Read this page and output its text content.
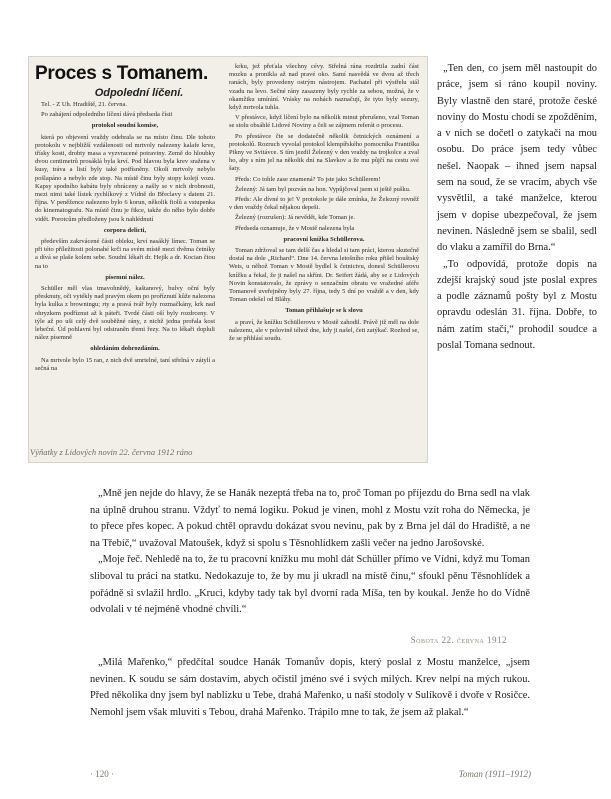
Proces s Tomanem.
Odpolední líčení.

Tel. - Z Uh. Hradiště, 21. června.

Po zahájení odpoledního líčení dává předseda čísti

protokol soudní komise,

která po objevení vraždy odebrala se na místo činu. Dle tohoto protokolu v nejbližší vzdálenosti od mrtvoly nalezeny kalafe krve, třísky kosti, drobty masa a vyzvracené potraviny. Země do hloubky dvou centimetrů prosáklá byla krví. Pod hlavou byla krev sražena v kusy, tráva a listí byly také potřísněny. Okolí mrtvoly nebylo pošlapáno a nebylo zde stop. Na místě činu byly stopy kolejí vozu. Kapsy spodního kabátu byly obráceny a našly se v nich drobnosti, mezi nimi také lístek rychlíkový z Vídně do Břeclavy s datem 21. října. V peněžence nalezeno bylo 6 korun, několik fiolů a vstupenka do kinematografu. Na místě činu je fikce, takže do něho bylo dobře vidět. Porotcům předloženy jsou k nahlédnutí

corpora delicti,

především zakrvácené části obleku, krví nasáklý límec. Toman se při této příležitosti polonahé krči na svém místě mezi dvěma četníky a dívá se plaše kolem sebe. Soudní lékaři dr. Hejík a dr. Kocian čtou na to

písemní nález.

Schüller měl vlas tmavohnědý, kaštanový, bulvy oční byly přesknuty, oči vytékly nad pravým okem po proříznutí kůže nalezena byla kulka z browningu; rty a pravá tvář byly rozmačkány, krk nad ohryzkem podříznut až k páteři. Tvrdé části oší byly rozdrceny. V týle až po uši celý dvě souběžné rány, z nichž jedna prořala kost lebeční. Úd pohlavní byl odstraněn třemi řezy. Na to lékaři dopluli nález písemně

ohledáním dohrozdáním.

Na mrtvole bylo 15 ran, z nich dvě smrtelné, taní střelná v zátylí a sečná na

krku, jež přeťala všechny cévy. Střelná rána rozdrtila zadní část mozku a pronikla až nad pravé oko. Samí nasvědá ve dvou až třech ranách, byly provedeny ostrým nástrojem. Pachatel při výstřelu stál vzadu na levo. Sečné rány zasazeny byly rychle za sebou, možná, že v okamžiku umírání. Vrásky na nohách naznačují, že tyto byly sezury, když mrtvola tuhla.

V přestávce, když líčení bylo na několik minut přerušeno, vzal Toman se stolu obsáhlé Lidové Noviny a čeli se zájmem referát o procesu.

Po přestávce čte se dodatečně několik četnických oznámení a protokolů. Rozruch vyvolal protokol klempířského pomocníka Františka Pikny ve Svitávce. S tím jezdil Železný v den vraždy na trojkolce a zval ho, aby s ním jel na několik dní na Slavkov a že mu půjčí na cestu své šaty.

Předs: Co tohle zase znamená? To jste jako Schüllerem!

Železný: Já tam byl pozván na hon. Vypůjčoval jsem si ještě pušku.

Předs: Ale dívné to je! V protokole je dále zmínka, že Železný rovněž v den vraždy čekal nějakou depeši.

Železný (rozrušen): Já nevědět, kde Toman je.

Předseda oznamuje, že v Mostě nalezena byla

pracovní knížka Schüllerova.

Toman zdržoval se tam delší čas a hledal si tam práci, kterou skutečně dostal na dole „Richard“. Dne 14. června letošního roku přišel houštský Weis, u něhož Toman v Mostě bydlel k četnictvu, donesl Schüllerovu knížku a řekal, že ji našel na skříni. Dr. Seifert žádá, aby se z Lidových Novin konstatovalo, že zprávy o senzačním obratu ve vražedné aféře Tomanově uveřejněny byly 27. října, tedy 5 dní po vraždě a v den, kdy Toman odešel od Bláhy.

Toman přihlašuje se k slovu

a praví, že knížku Schüllerovu v Mostě zahodil. Právě již měl na dole nalezenu, ale v polovině téhož dne, kdy ji našel, četi zatýkač. Rozhod se, že se přihlásí soudu.

Výňatky z Lidových novin 22. června 1912 ráno

„Ten den, co jsem měl nastoupit do práce, jsem si ráno koupil noviny. Byly vlastně den staré, protože české noviny do Mostu chodí se zpožděním, a v nich se dočetl o zatykači na mou osobu. Do práce jsem tedy vůbec nešel. Naopak – ihned jsem napsal sem na soud, že se vracím, abych vše vysvětlil, a také manželce, kterou jsem v dopise ubezpečoval, že jsem nevinen. Následně jsem se sbalil, sedl do vlaku a zamířil do Brna.“

„To odpovídá, protože dopis na zdejší krajský soud jste poslal expres a podle záznamů pošty byl z Mostu opravdu odeslán 31. října. Dobře, to nám zatím stačí,“ prohodil soudce a poslal Tomana sednout.

„Mně jen nejde do hlavy, že se Hanák nezeptá třeba na to, proč Toman po příjezdu do Brna sedl na vlak na úplně druhou stranu. Vždyť to nemá logiku. Pokud je vinen, mohl z Mostu vzít roha do Německa, je to přece přes kopec. A pokud chtěl opravdu dokázat svou nevinu, pak by z Brna jel dál do Hradiště, a ne na Třebíč,“ uvažoval Matoušek, když si spolu s Těsnohlídkem zašli večer na jedno Jarošovské.

„Moje řeč. Nehledě na to, že tu pracovní knížku mu mohl dát Schüller přímo ve Vídni, když mu Toman sliboval tu práci na statku. Nedokazuje to, že by mu ji ukradl na místě činu,“ sfoukl pěnu Těsnohlídek a pořádně si svlažil hrdlo. „Kruci, kdyby tady tak byl dvorní rada Míša, ten by koukal. Jenže ho do Vídně odvolali v té nejméně vhodné chvíli.“

Sobota 22. června 1912

„Milá Mařenko,“ předčítal soudce Hanák Tomanův dopis, který poslal z Mostu manželce, „jsem nevinen. K soudu se sám dostavím, abych očistil jméno své i svých milých. Krev nelpí na mých rukou. Před několika dny jsem byl nablízku u Tebe, drahá Mařenko, u naší stodoly v Sulíkově i dvoře v Rosičce. Nemohl jsem však mluviti s Tebou, drahá Mařenko. Trápilo mne to tak, že jsem až plakal.“

· 120 ·	Toman (1911–1912)
